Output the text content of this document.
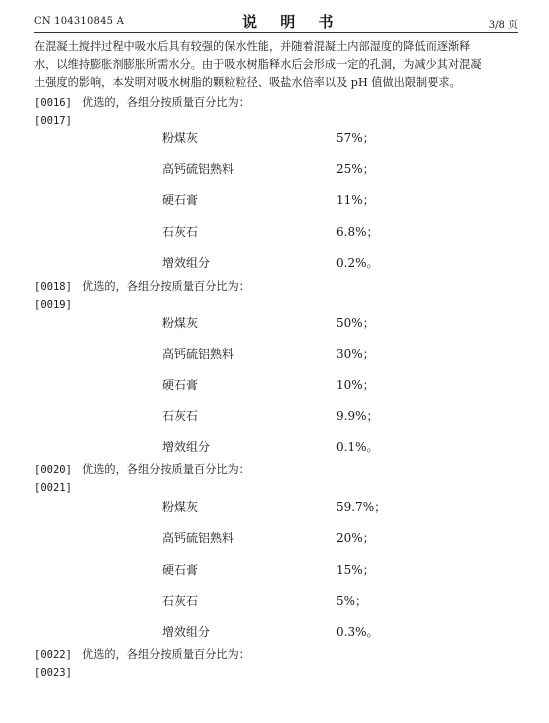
CN 104310845 A	说 明 书	3/8 页
在混凝土搅拌过程中吸水后具有较强的保水性能，并随着混凝土内部湿度的降低而逐渐释
水，以维持膨胀剂膨胀所需水分。由于吸水树脂释水后会形成一定的孔洞，为减少其对混凝
土强度的影响，本发明对吸水树脂的颗粒粒径、吸盐水倍率以及 pH 值做出限制要求。
[0016] 优选的，各组分按质量百分比为：
[0017]
粉煤灰	57%；
高钙硫铝熟料	25%；
硬石膏	11%；
石灰石	6.8%；
增效组分	0.2%。
[0018] 优选的，各组分按质量百分比为：
[0019]
粉煤灰	50%；
高钙硫铝熟料	30%；
硬石膏	10%；
石灰石	9.9%；
增效组分	0.1%。
[0020] 优选的，各组分按质量百分比为：
[0021]
粉煤灰	59.7%；
高钙硫铝熟料	20%；
硬石膏	15%；
石灰石	5%；
增效组分	0.3%。
[0022] 优选的，各组分按质量百分比为：
[0023]
